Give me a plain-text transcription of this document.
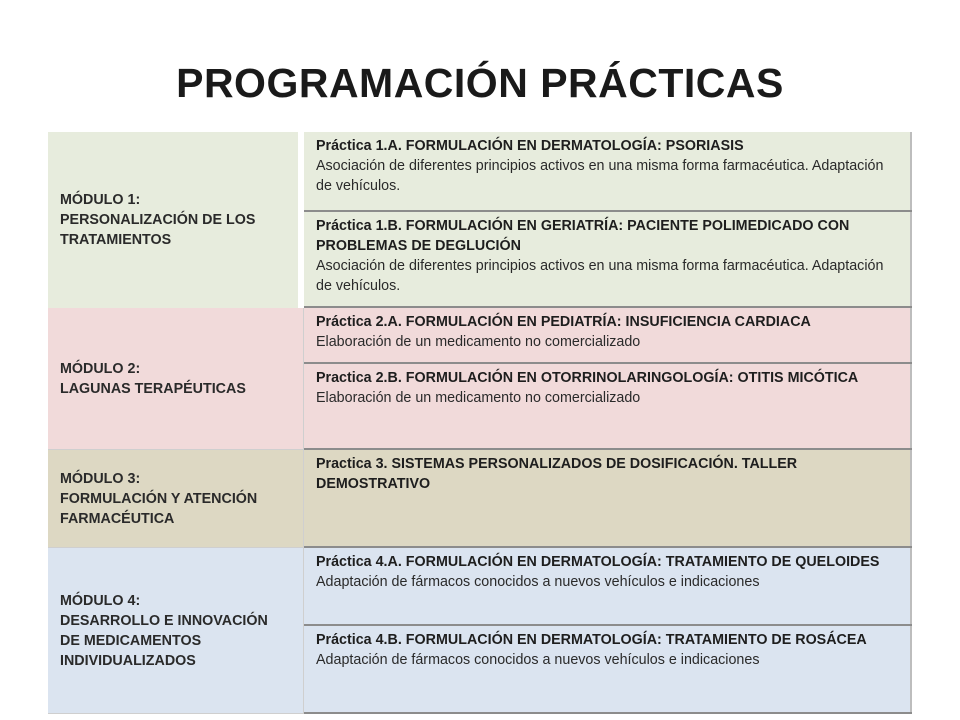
PROGRAMACIÓN PRÁCTICAS
MÓDULO 1:
PERSONALIZACIÓN DE LOS
TRATAMIENTOS	Práctica 1.A. FORMULACIÓN EN DERMATOLOGÍA: PSORIASIS
Asociación de diferentes principios activos en una misma forma farmacéutica. Adaptación de vehículos.

	Práctica 1.B. FORMULACIÓN EN GERIATRÍA: PACIENTE POLIMEDICADO CON PROBLEMAS DE DEGLUCIÓN
Asociación de diferentes principios activos en una misma forma farmacéutica. Adaptación de vehículos.

MÓDULO 2:
LAGUNAS TERAPÉUTICAS	Práctica 2.A. FORMULACIÓN EN PEDIATRÍA: INSUFICIENCIA CARDIACA
Elaboración de un medicamento no comercializado

	Practica 2.B. FORMULACIÓN EN OTORRINOLARINGOLOGÍA: OTITIS MICÓTICA
Elaboración de un medicamento no comercializado

MÓDULO 3:
FORMULACIÓN Y ATENCIÓN
FARMACÉUTICA	Practica 3. SISTEMAS PERSONALIZADOS DE DOSIFICACIÓN. TALLER DEMOSTRATIVO

MÓDULO 4:
DESARROLLO E INNOVACIÓN
DE MEDICAMENTOS
INDIVIDUALIZADOS	Práctica 4.A. FORMULACIÓN EN DERMATOLOGÍA: TRATAMIENTO DE QUELOIDES
Adaptación de fármacos conocidos a nuevos vehículos e indicaciones

	Práctica 4.B. FORMULACIÓN EN DERMATOLOGÍA: TRATAMIENTO DE ROSÁCEA
Adaptación de fármacos conocidos a nuevos vehículos e indicaciones
